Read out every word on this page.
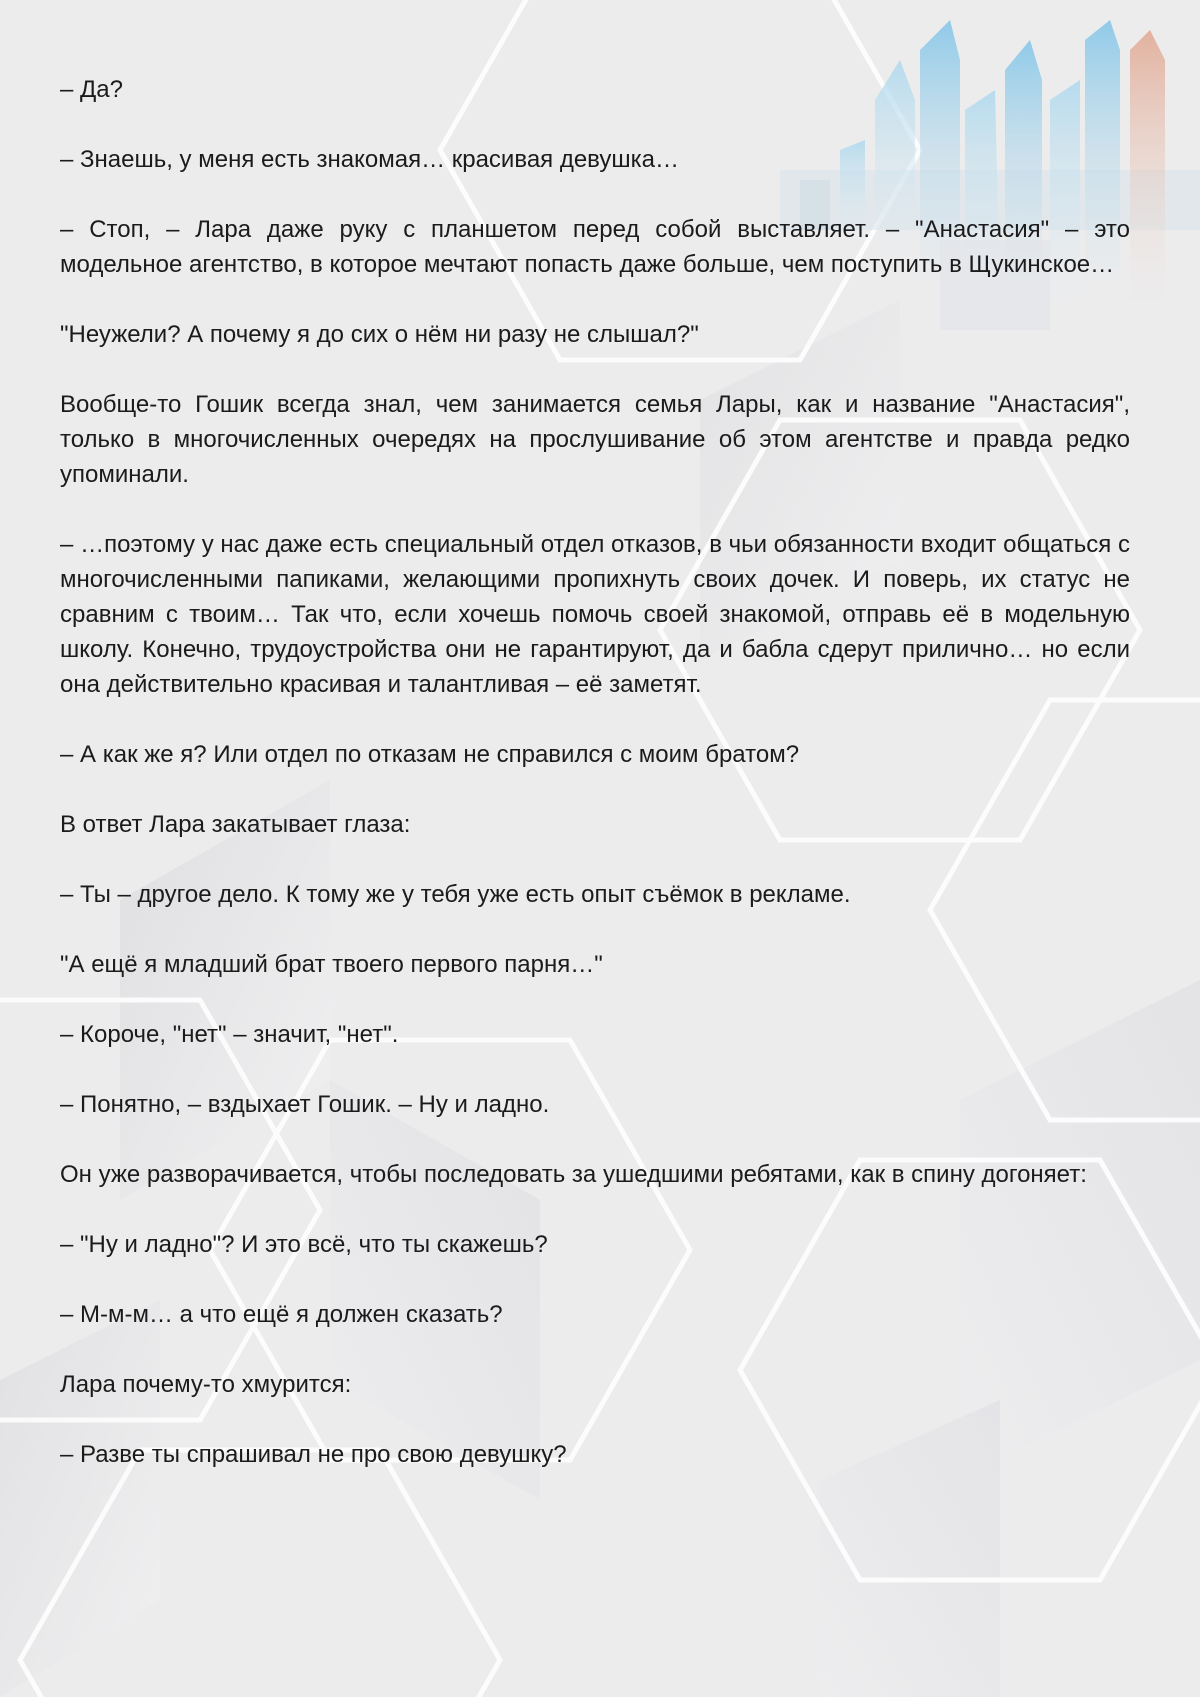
– Да?

– Знаешь, у меня есть знакомая… красивая девушка…

– Стоп, – Лара даже руку с планшетом перед собой выставляет. – "Анастасия" – это модельное агентство, в которое мечтают попасть даже больше, чем поступить в Щукинское…

"Неужели? А почему я до сих о нём ни разу не слышал?"

Вообще-то Гошик всегда знал, чем занимается семья Лары, как и название "Анастасия", только в многочисленных очередях на прослушивание об этом агентстве и правда редко упоминали.

– …поэтому у нас даже есть специальный отдел отказов, в чьи обязанности входит общаться с многочисленными папиками, желающими пропихнуть своих дочек. И поверь, их статус не сравним с твоим… Так что, если хочешь помочь своей знакомой, отправь её в модельную школу. Конечно, трудоустройства они не гарантируют, да и бабла сдерут прилично… но если она действительно красивая и талантливая – её заметят.

– А как же я? Или отдел по отказам не справился с моим братом?

В ответ Лара закатывает глаза:

– Ты – другое дело. К тому же у тебя уже есть опыт съёмок в рекламе.

"А ещё я младший брат твоего первого парня…"

– Короче, "нет" – значит, "нет".

– Понятно, – вздыхает Гошик. – Ну и ладно.

Он уже разворачивается, чтобы последовать за ушедшими ребятами, как в спину догоняет:

– "Ну и ладно"? И это всё, что ты скажешь?

– М-м-м… а что ещё я должен сказать?

Лара почему-то хмурится:

– Разве ты спрашивал не про свою девушку?
